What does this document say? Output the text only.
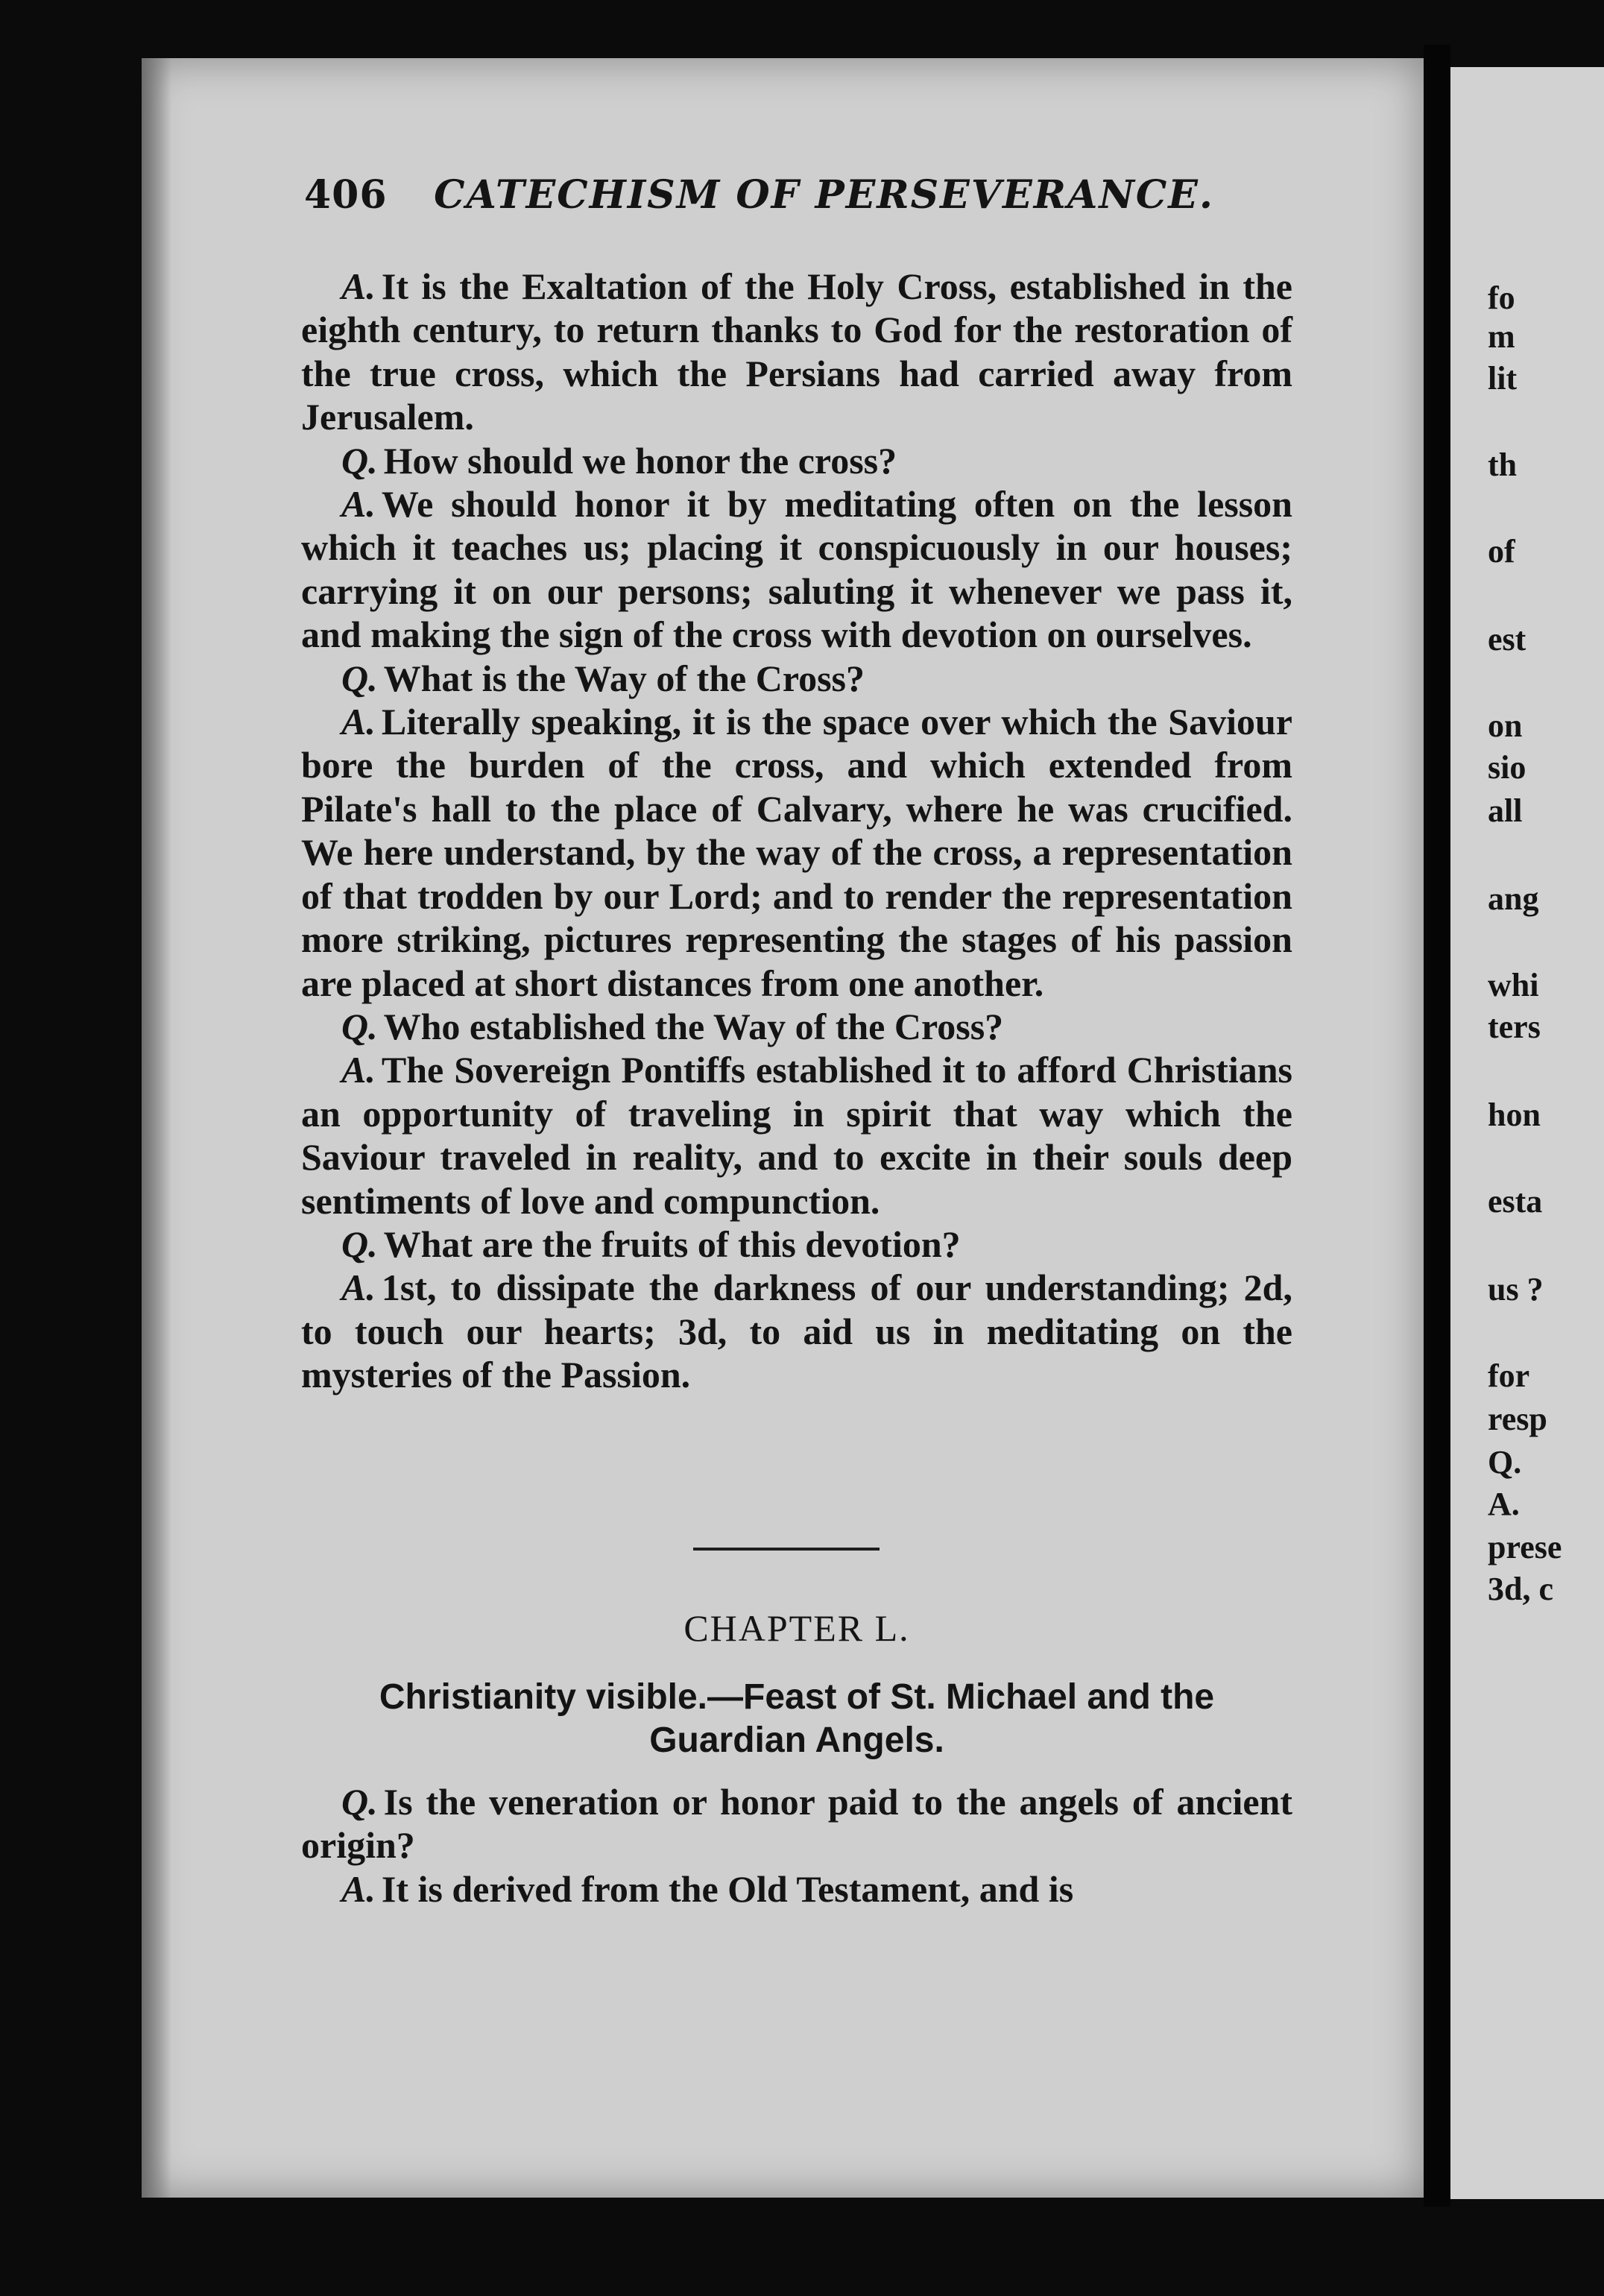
fo
m
lit
th
of
est
on
sio
all
ang
whi
ters
hon
esta
us ?
for
resp
Q.
A.
prese
3d, c
406 CATECHISM OF PERSEVERANCE.

A. It is the Exaltation of the Holy Cross, established in the eighth century, to return thanks to God for the restoration of the true cross, which the Persians had carried away from Jerusalem.

Q. How should we honor the cross?

A. We should honor it by meditating often on the lesson which it teaches us; placing it conspicuously in our houses; carrying it on our persons; saluting it whenever we pass it, and making the sign of the cross with devotion on ourselves.

Q. What is the Way of the Cross?

A. Literally speaking, it is the space over which the Saviour bore the burden of the cross, and which extended from Pilate's hall to the place of Calvary, where he was crucified. We here understand, by the way of the cross, a representation of that trodden by our Lord; and to render the representation more striking, pictures representing the stages of his passion are placed at short distances from one another.

Q. Who established the Way of the Cross?

A. The Sovereign Pontiffs established it to afford Christians an opportunity of traveling in spirit that way which the Saviour traveled in reality, and to excite in their souls deep sentiments of love and compunction.

Q. What are the fruits of this devotion?

A. 1st, to dissipate the darkness of our understanding; 2d, to touch our hearts; 3d, to aid us in meditating on the mysteries of the Passion.

CHAPTER L.
Christianity visible.—Feast of St. Michael and the
Guardian Angels.

Q. Is the veneration or honor paid to the angels of ancient origin?

A. It is derived from the Old Testament, and is
